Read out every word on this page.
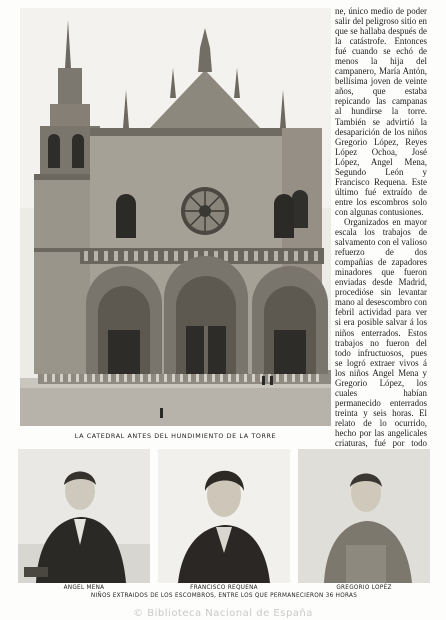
LA CATEDRAL ANTES DEL HUNDIMIENTO DE LA TORRE

ne, único medio de poder salir del peligroso sitio en que se hallaba después de la catástrofe. Entonces fué cuando se echó de menos la hija del campanero, María Antón, bellísima joven de veinte años, que estaba repicando las campanas al hundirse la torre. También se advirtió la desaparición de los niños Gregorio López, Reyes López Ochoa, José López, Angel Mena, Segundo León y Francisco Requena. Este último fué extraído de entre los escombros solo con algunas contusiones.

Organizados en mayor escala los trabajos de salvamento con el valioso refuerzo de dos compañías de zapadores minadores que fueron enviadas desde Madrid, procedióse sin levantar mano al desescombro con febril actividad para ver si era posible salvar á los niños enterrados. Estos trabajos no fueron del todo infructuosos, pues se logró extraer vivos á los niños Angel Mena y Gregorio López, los cuales habían permanecido enterrados treinta y seis horas. El relato de lo ocurrido, hecho por las angelicales criaturas, fué por todo

ANGEL MENA	FRANCISCO REQUENA	GREGORIO LOPÉZ
NIÑOS EXTRAIDOS DE LOS ESCOMBROS, ENTRE LOS QUE PERMANECIERON 36 HORAS
© Biblioteca Nacional de España
